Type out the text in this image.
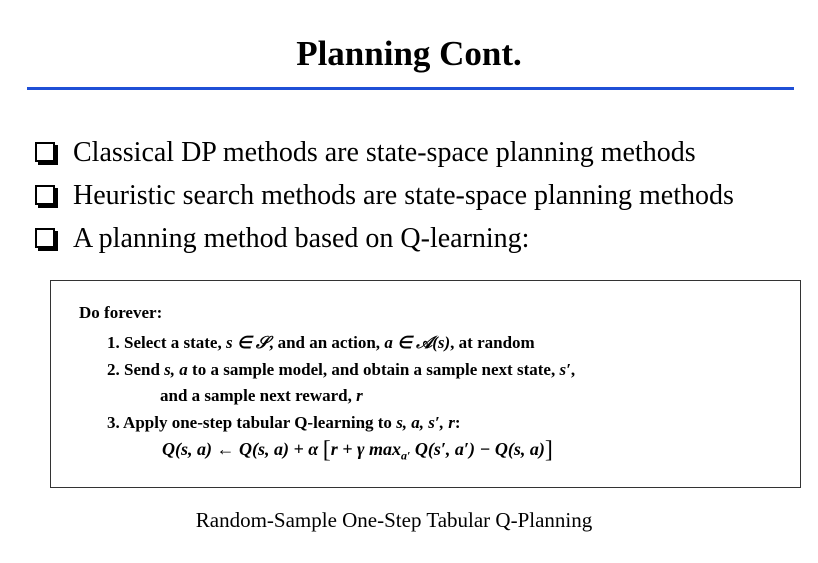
Planning Cont.
Classical DP methods are state-space planning methods
Heuristic search methods are state-space planning methods
A planning method based on Q-learning:
Do forever:
1. Select a state, s ∈ 𝒮, and an action, a ∈ 𝒜(s), at random
2. Send s, a to a sample model, and obtain a sample next state, s′,
and a sample next reward, r
3. Apply one-step tabular Q-learning to s, a, s′, r:
Q(s, a) ← Q(s, a) + α [r + γ $\max_{a'} Q(s'$, a′) − Q(s, a)]
Random-Sample One-Step Tabular Q-Planning
